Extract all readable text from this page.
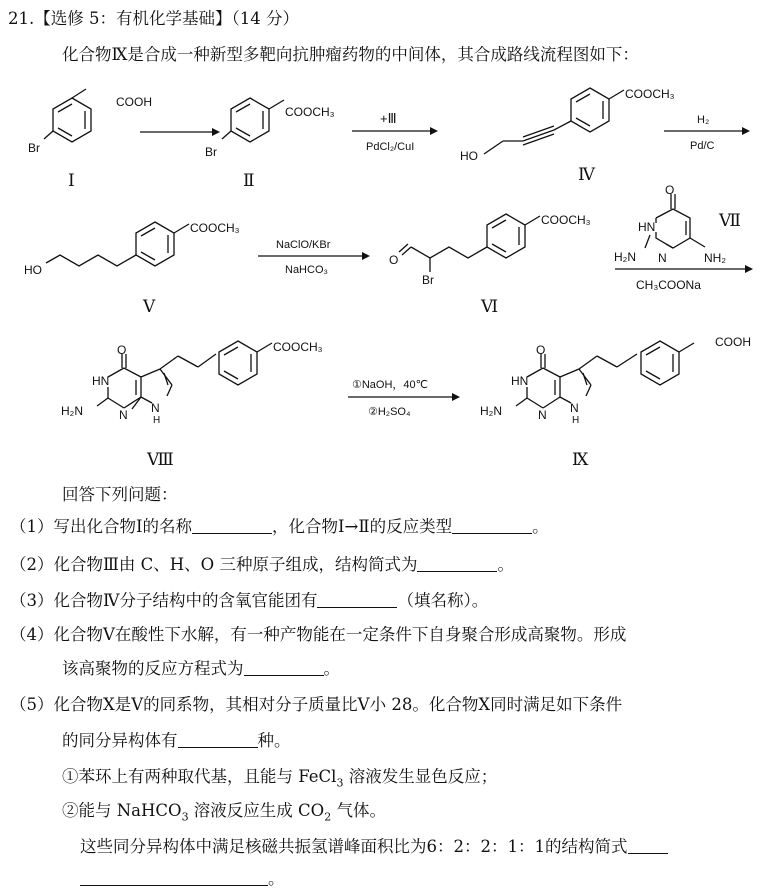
21.【选修 5：有机化学基础】（14 分）
化合物Ⅸ是合成一种新型多靶向抗肿瘤药物的中间体，其合成路线流程图如下：
COOH
Br
Ⅰ
COOCH₃
Br
Ⅱ
+Ⅲ
PdCl₂/CuI
COOCH₃
HO
Ⅳ
H₂
Pd/C
COOCH₃
HO
Ⅴ
NaClO/KBr
NaHCO₃
COOCH₃
O
Br
Ⅵ
O
HN
N
H₂N	NH₂
Ⅶ
CH₃COONa
O
HN
N
H₂N	N
H
COOCH₃
Ⅷ
①NaOH，40℃
②H₂SO₄
O
HN
N
H₂N	N
H
COOH
Ⅸ
回答下列问题：
（1）写出化合物Ⅰ的名称	，化合物Ⅰ→Ⅱ的反应类型	。
（2）化合物Ⅲ由 C、H、O 三种原子组成，结构简式为	。
（3）化合物Ⅳ分子结构中的含氧官能团有	（填名称）。
（4）化合物Ⅴ在酸性下水解，有一种产物能在一定条件下自身聚合形成高聚物。形成
该高聚物的反应方程式为	。
（5）化合物Ⅹ是Ⅴ的同系物，其相对分子质量比Ⅴ小 28。化合物Ⅹ同时满足如下条件
的同分异构体有	种。
①苯环上有两种取代基，且能与 FeCl$_3$ 溶液发生显色反应；
②能与 NaHCO$_3$ 溶液反应生成 $CO_2$ 气体。
这些同分异构体中满足核磁共振氢谱峰面积比为6：2：2：1：1的结构简式
。
